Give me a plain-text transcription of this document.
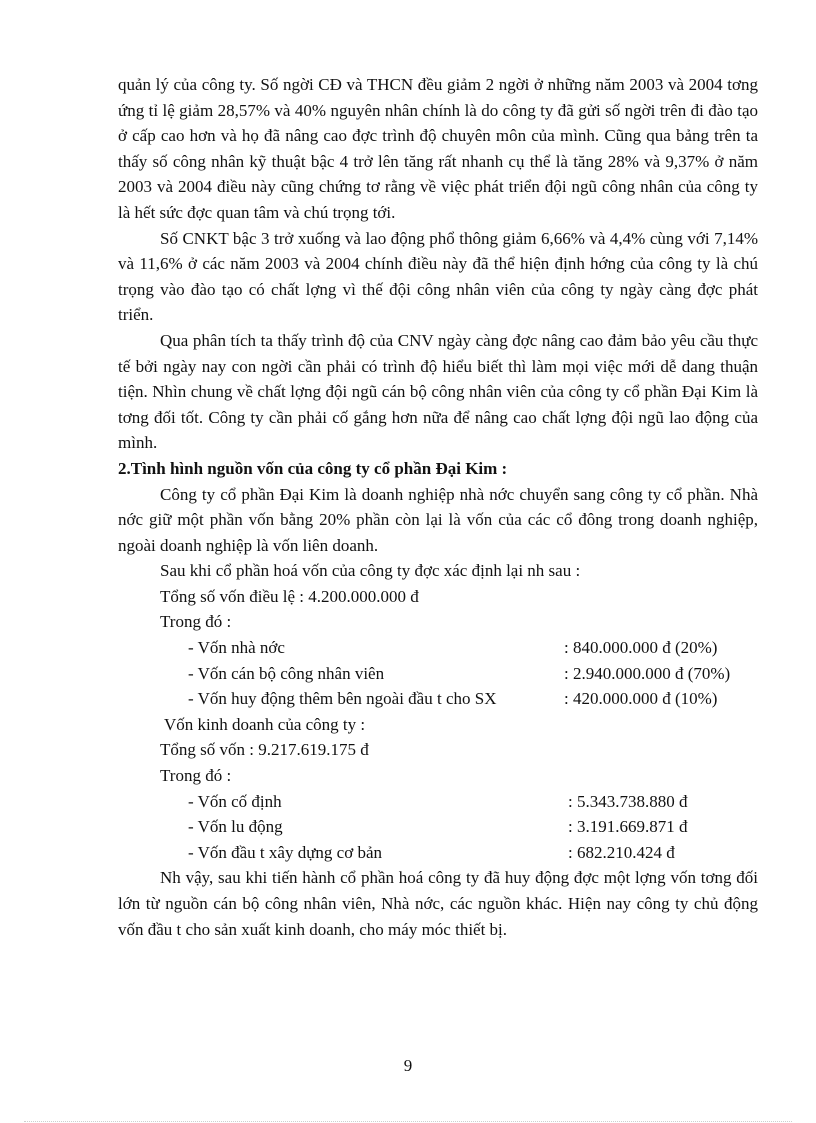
quản lý của công ty. Số ngời CĐ và THCN đều giảm 2 ngời ở những năm 2003 và 2004 tơng ứng tỉ lệ giảm 28,57% và 40% nguyên nhân chính là do công ty đã gửi số ngời trên đi đào tạo ở cấp cao hơn và họ đã nâng cao đợc trình độ chuyên môn của mình. Cũng qua bảng trên ta thấy số công nhân kỹ thuật bậc 4 trở lên tăng rất nhanh cụ thể là tăng 28% và 9,37% ở năm 2003 và 2004 điều này cũng chứng tơ rằng về việc phát triển đội ngũ công nhân của công ty là hết sức đợc quan tâm và chú trọng tới.

Số CNKT bậc 3 trở xuống và lao động phổ thông giảm 6,66% và 4,4% cùng với 7,14% và 11,6% ở các năm 2003 và 2004 chính điều này đã thể hiện định hớng của công ty là chú trọng vào đào tạo có chất lợng vì thế đội công nhân viên của công ty ngày càng đợc phát triển.

Qua phân tích ta thấy trình độ của CNV ngày càng đợc nâng cao đảm bảo yêu cầu thực tế bởi ngày nay con ngời cần phải có trình độ hiểu biết thì làm mọi việc mới dễ dang thuận tiện. Nhìn chung về chất lợng đội ngũ cán bộ công nhân viên của công ty cổ phần Đại Kim là tơng đối tốt. Công ty cần phải cố gắng hơn nữa để nâng cao chất lợng đội ngũ lao động của mình.

2.Tình hình nguồn vốn của công ty cổ phần Đại Kim :

Công ty cổ phần Đại Kim là doanh nghiệp nhà nớc chuyển sang công ty cổ phần. Nhà nớc giữ một phần vốn bằng 20% phần còn lại là vốn của các cổ đông trong doanh nghiệp, ngoài doanh nghiệp là vốn liên doanh.

Sau khi cổ phần hoá vốn của công ty đợc xác định lại nh sau :
Tổng số vốn điều lệ : 4.200.000.000 đ
Trong đó :
- Vốn nhà nớc	: 840.000.000 đ (20%)
- Vốn cán bộ công nhân viên	: 2.940.000.000 đ (70%)
- Vốn huy động thêm bên ngoài đầu t cho SX	: 420.000.000 đ (10%)
Vốn kinh doanh của công ty :
Tổng số vốn : 9.217.619.175 đ
Trong đó :
- Vốn cố định	: 5.343.738.880 đ
- Vốn lu động	: 3.191.669.871 đ
- Vốn đầu t xây dựng cơ bản	: 682.210.424 đ

Nh vậy, sau khi tiến hành cổ phần hoá công ty đã huy động đợc một lợng vốn tơng đối lớn từ nguồn cán bộ công nhân viên, Nhà nớc, các nguồn khác. Hiện nay công ty chủ động vốn đầu t cho sản xuất kinh doanh, cho máy móc thiết bị.

9
